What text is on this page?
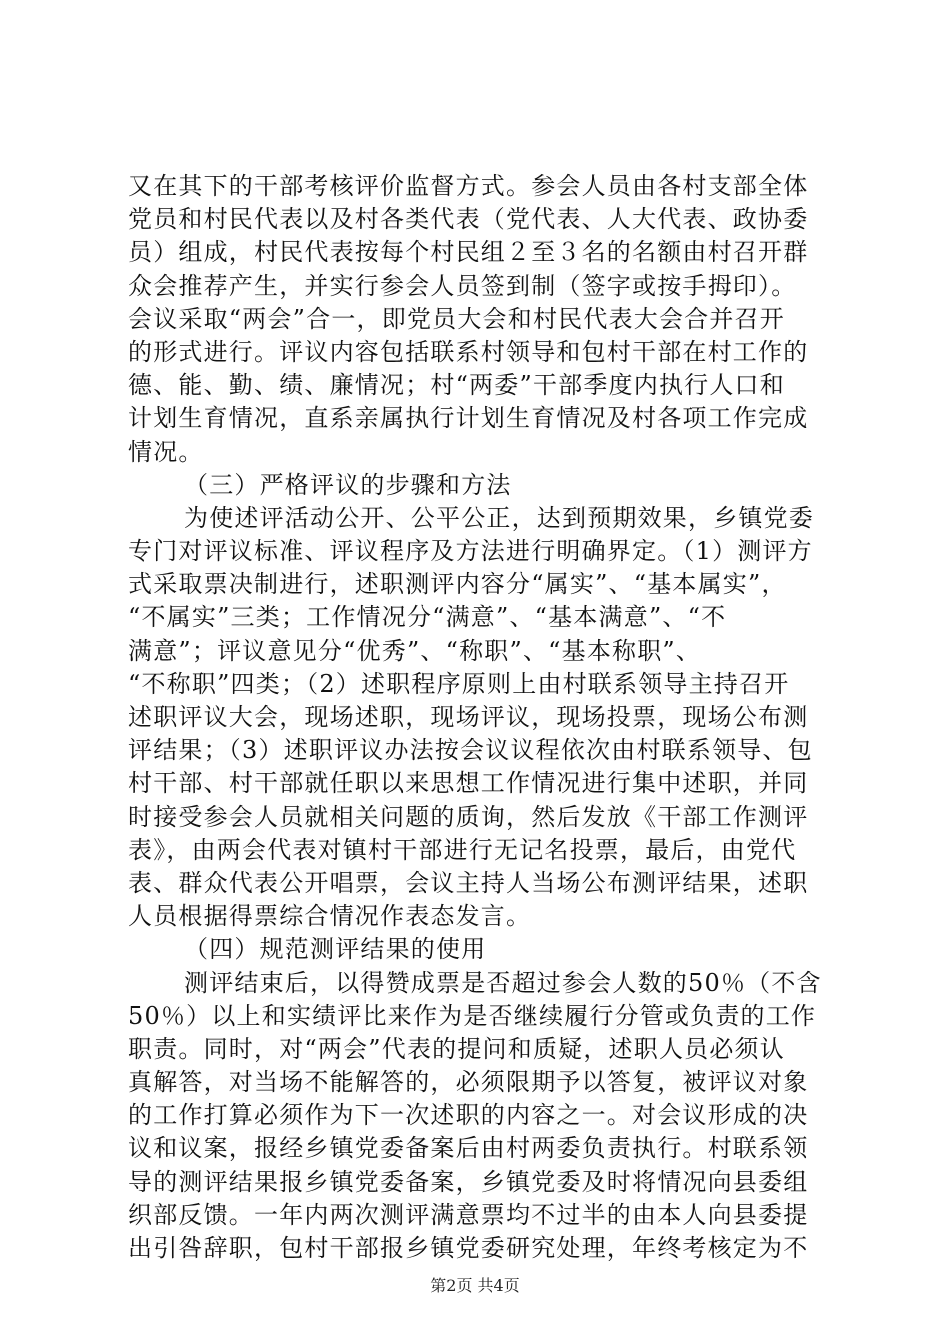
又在其下的干部考核评价监督方式。参会人员由各村支部全体
党员和村民代表以及村各类代表（党代表、人大代表、政协委
员）组成，村民代表按每个村民组２至３名的名额由村召开群
众会推荐产生，并实行参会人员签到制（签字或按手拇印）。
会议采取“两会”合一，即党员大会和村民代表大会合并召开
的形式进行。评议内容包括联系村领导和包村干部在村工作的
德、能、勤、绩、廉情况；村“两委”干部季度内执行人口和
计划生育情况，直系亲属执行计划生育情况及村各项工作完成
情况。
（三）严格评议的步骤和方法
为使述评活动公开、公平公正，达到预期效果，乡镇党委
专门对评议标准、评议程序及方法进行明确界定。（1）测评方
式采取票决制进行，述职测评内容分“属实”、“基本属实”，
“不属实”三类；工作情况分“满意”、“基本满意”、“不
满意”；评议意见分“优秀”、“称职”、“基本称职”、
“不称职”四类；（2）述职程序原则上由村联系领导主持召开
述职评议大会，现场述职，现场评议，现场投票，现场公布测
评结果；（3）述职评议办法按会议议程依次由村联系领导、包
村干部、村干部就任职以来思想工作情况进行集中述职，并同
时接受参会人员就相关问题的质询，然后发放《干部工作测评
表》，由两会代表对镇村干部进行无记名投票，最后，由党代
表、群众代表公开唱票，会议主持人当场公布测评结果，述职
人员根据得票综合情况作表态发言。
（四）规范测评结果的使用
测评结束后，以得赞成票是否超过参会人数的50％（不含
50％）以上和实绩评比来作为是否继续履行分管或负责的工作
职责。同时，对“两会”代表的提问和质疑，述职人员必须认
真解答，对当场不能解答的，必须限期予以答复，被评议对象
的工作打算必须作为下一次述职的内容之一。对会议形成的决
议和议案，报经乡镇党委备案后由村两委负责执行。村联系领
导的测评结果报乡镇党委备案，乡镇党委及时将情况向县委组
织部反馈。一年内两次测评满意票均不过半的由本人向县委提
出引咎辞职，包村干部报乡镇党委研究处理，年终考核定为不
第2页 共4页
